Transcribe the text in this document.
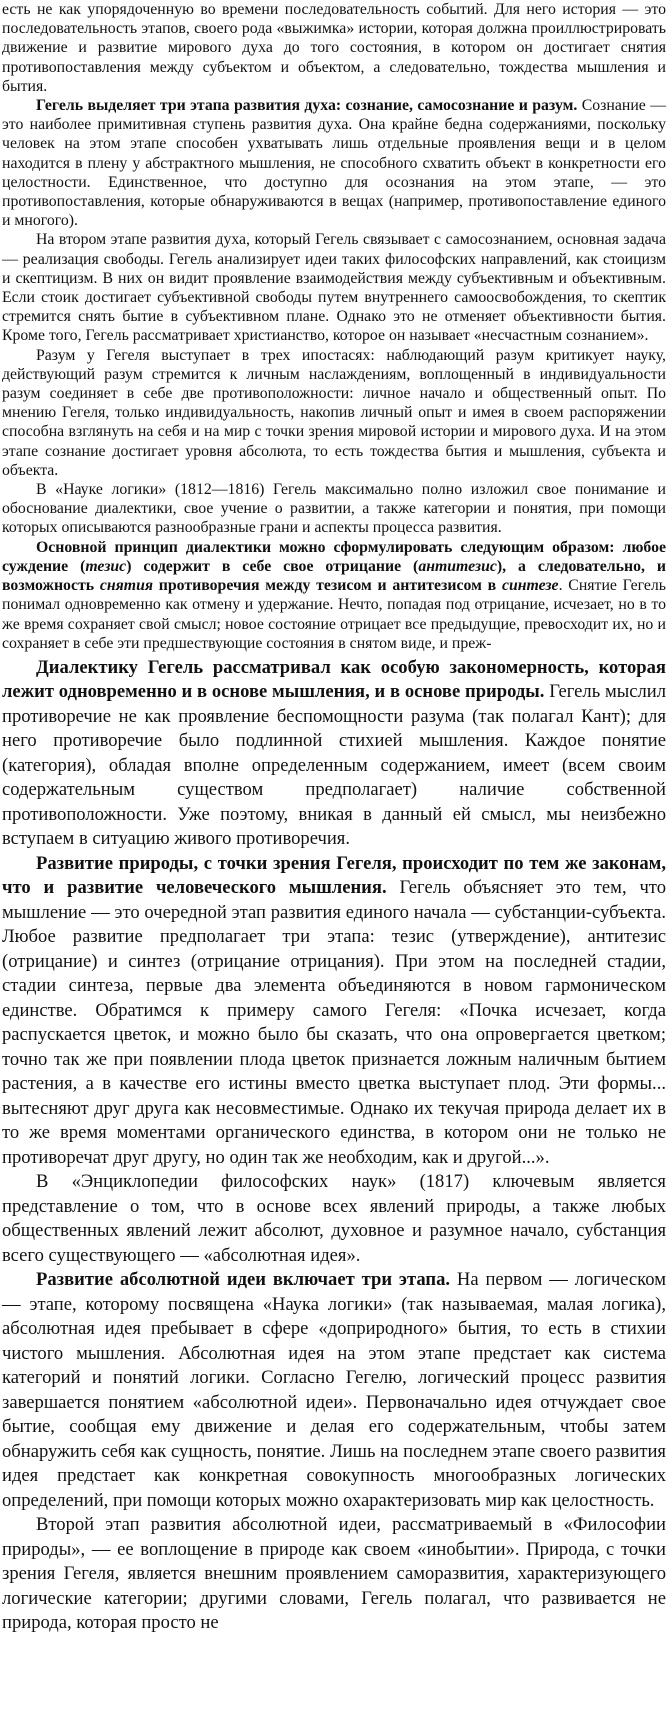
есть не как упорядоченную во времени последовательность событий. Для него история — это последовательность этапов, своего рода «выжимка» истории, которая должна проиллюстрировать движение и развитие мирового духа до того состояния, в котором он достигает снятия противопоставления между субъектом и объектом, а следовательно, тождества мышления и бытия.

Гегель выделяет три этапа развития духа: сознание, самосознание и разум. Сознание — это наиболее примитивная ступень развития духа. Она крайне бедна содержаниями, поскольку человек на этом этапе способен ухватывать лишь отдельные проявления вещи и в целом находится в плену у абстрактного мышления, не способного схватить объект в конкретности его целостности. Единственное, что доступно для осознания на этом этапе, — это противопоставления, которые обнаруживаются в вещах (например, противопоставление единого и многого).

На втором этапе развития духа, который Гегель связывает с самосознанием, основная задача — реализация свободы. Гегель анализирует идеи таких философских направлений, как стоицизм и скептицизм. В них он видит проявление взаимодействия между субъективным и объективным. Если стоик достигает субъективной свободы путем внутреннего самоосвобождения, то скептик стремится снять бытие в субъективном плане. Однако это не отменяет объективности бытия. Кроме того, Гегель рассматривает христианство, которое он называет «несчастным сознанием».

Разум у Гегеля выступает в трех ипостасях: наблюдающий разум критикует науку, действующий разум стремится к личным наслаждениям, воплощенный в индивидуальности разум соединяет в себе две противоположности: личное начало и общественный опыт. По мнению Гегеля, только индивидуальность, накопив личный опыт и имея в своем распоряжении способна взглянуть на себя и на мир с точки зрения мировой истории и мирового духа. И на этом этапе сознание достигает уровня абсолюта, то есть тождества бытия и мышления, субъекта и объекта.

В «Науке логики» (1812—1816) Гегель максимально полно изложил свое понимание и обоснование диалектики, свое учение о развитии, а также категории и понятия, при помощи которых описываются разнообразные грани и аспекты процесса развития.

Основной принцип диалектики можно сформулировать следующим образом: любое суждение (тезис) содержит в себе свое отрицание (антитезис), а следовательно, и возможность снятия противоречия между тезисом и антитезисом в синтезе. Снятие Гегель понимал одновременно как отмену и удержание. Нечто, попадая под отрицание, исчезает, но в то же время сохраняет свой смысл; новое состояние отрицает все предыдущие, превосходит их, но и сохраняет в себе эти предшествующие состояния в снятом виде, и преж-

Диалектику Гегель рассматривал как особую закономерность, которая лежит одновременно и в основе мышления, и в основе природы. Гегель мыслил противоречие не как проявление беспомощности разума (так полагал Кант); для него противоречие было подлинной стихией мышления. Каждое понятие (категория), обладая вполне определенным содержанием, имеет (всем своим содержательным существом предполагает) наличие собственной противоположности. Уже поэтому, вникая в данный ей смысл, мы неизбежно вступаем в ситуацию живого противоречия.

Развитие природы, с точки зрения Гегеля, происходит по тем же законам, что и развитие человеческого мышления. Гегель объясняет это тем, что мышление — это очередной этап развития единого начала — субстанции-субъекта. Любое развитие предполагает три этапа: тезис (утверждение), антитезис (отрицание) и синтез (отрицание отрицания). При этом на последней стадии, стадии синтеза, первые два элемента объединяются в новом гармоническом единстве. Обратимся к примеру самого Гегеля: «Почка исчезает, когда распускается цветок, и можно было бы сказать, что она опровергается цветком; точно так же при появлении плода цветок признается ложным наличным бытием растения, а в качестве его истины вместо цветка выступает плод. Эти формы... вытесняют друг друга как несовместимые. Однако их текучая природа делает их в то же время моментами органического единства, в котором они не только не противоречат друг другу, но один так же необходим, как и другой...».

В «Энциклопедии философских наук» (1817) ключевым является представление о том, что в основе всех явлений природы, а также любых общественных явлений лежит абсолют, духовное и разумное начало, субстанция всего существующего — «абсолютная идея».

Развитие абсолютной идеи включает три этапа. На первом — логическом — этапе, которому посвящена «Наука логики» (так называемая, малая логика), абсолютная идея пребывает в сфере «доприродного» бытия, то есть в стихии чистого мышления. Абсолютная идея на этом этапе предстает как система категорий и понятий логики. Согласно Гегелю, логический процесс развития завершается понятием «абсолютной идеи». Первоначально идея отчуждает свое бытие, сообщая ему движение и делая его содержательным, чтобы затем обнаружить себя как сущность, понятие. Лишь на последнем этапе своего развития идея предстает как конкретная совокупность многообразных логических определений, при помощи которых можно охарактеризовать мир как целостность.

Второй этап развития абсолютной идеи, рассматриваемый в «Философии природы», — ее воплощение в природе как своем «инобытии». Природа, с точки зрения Гегеля, является внешним проявлением саморазвития, характеризующего логические категории; другими словами, Гегель полагал, что развивается не природа, которая просто не
